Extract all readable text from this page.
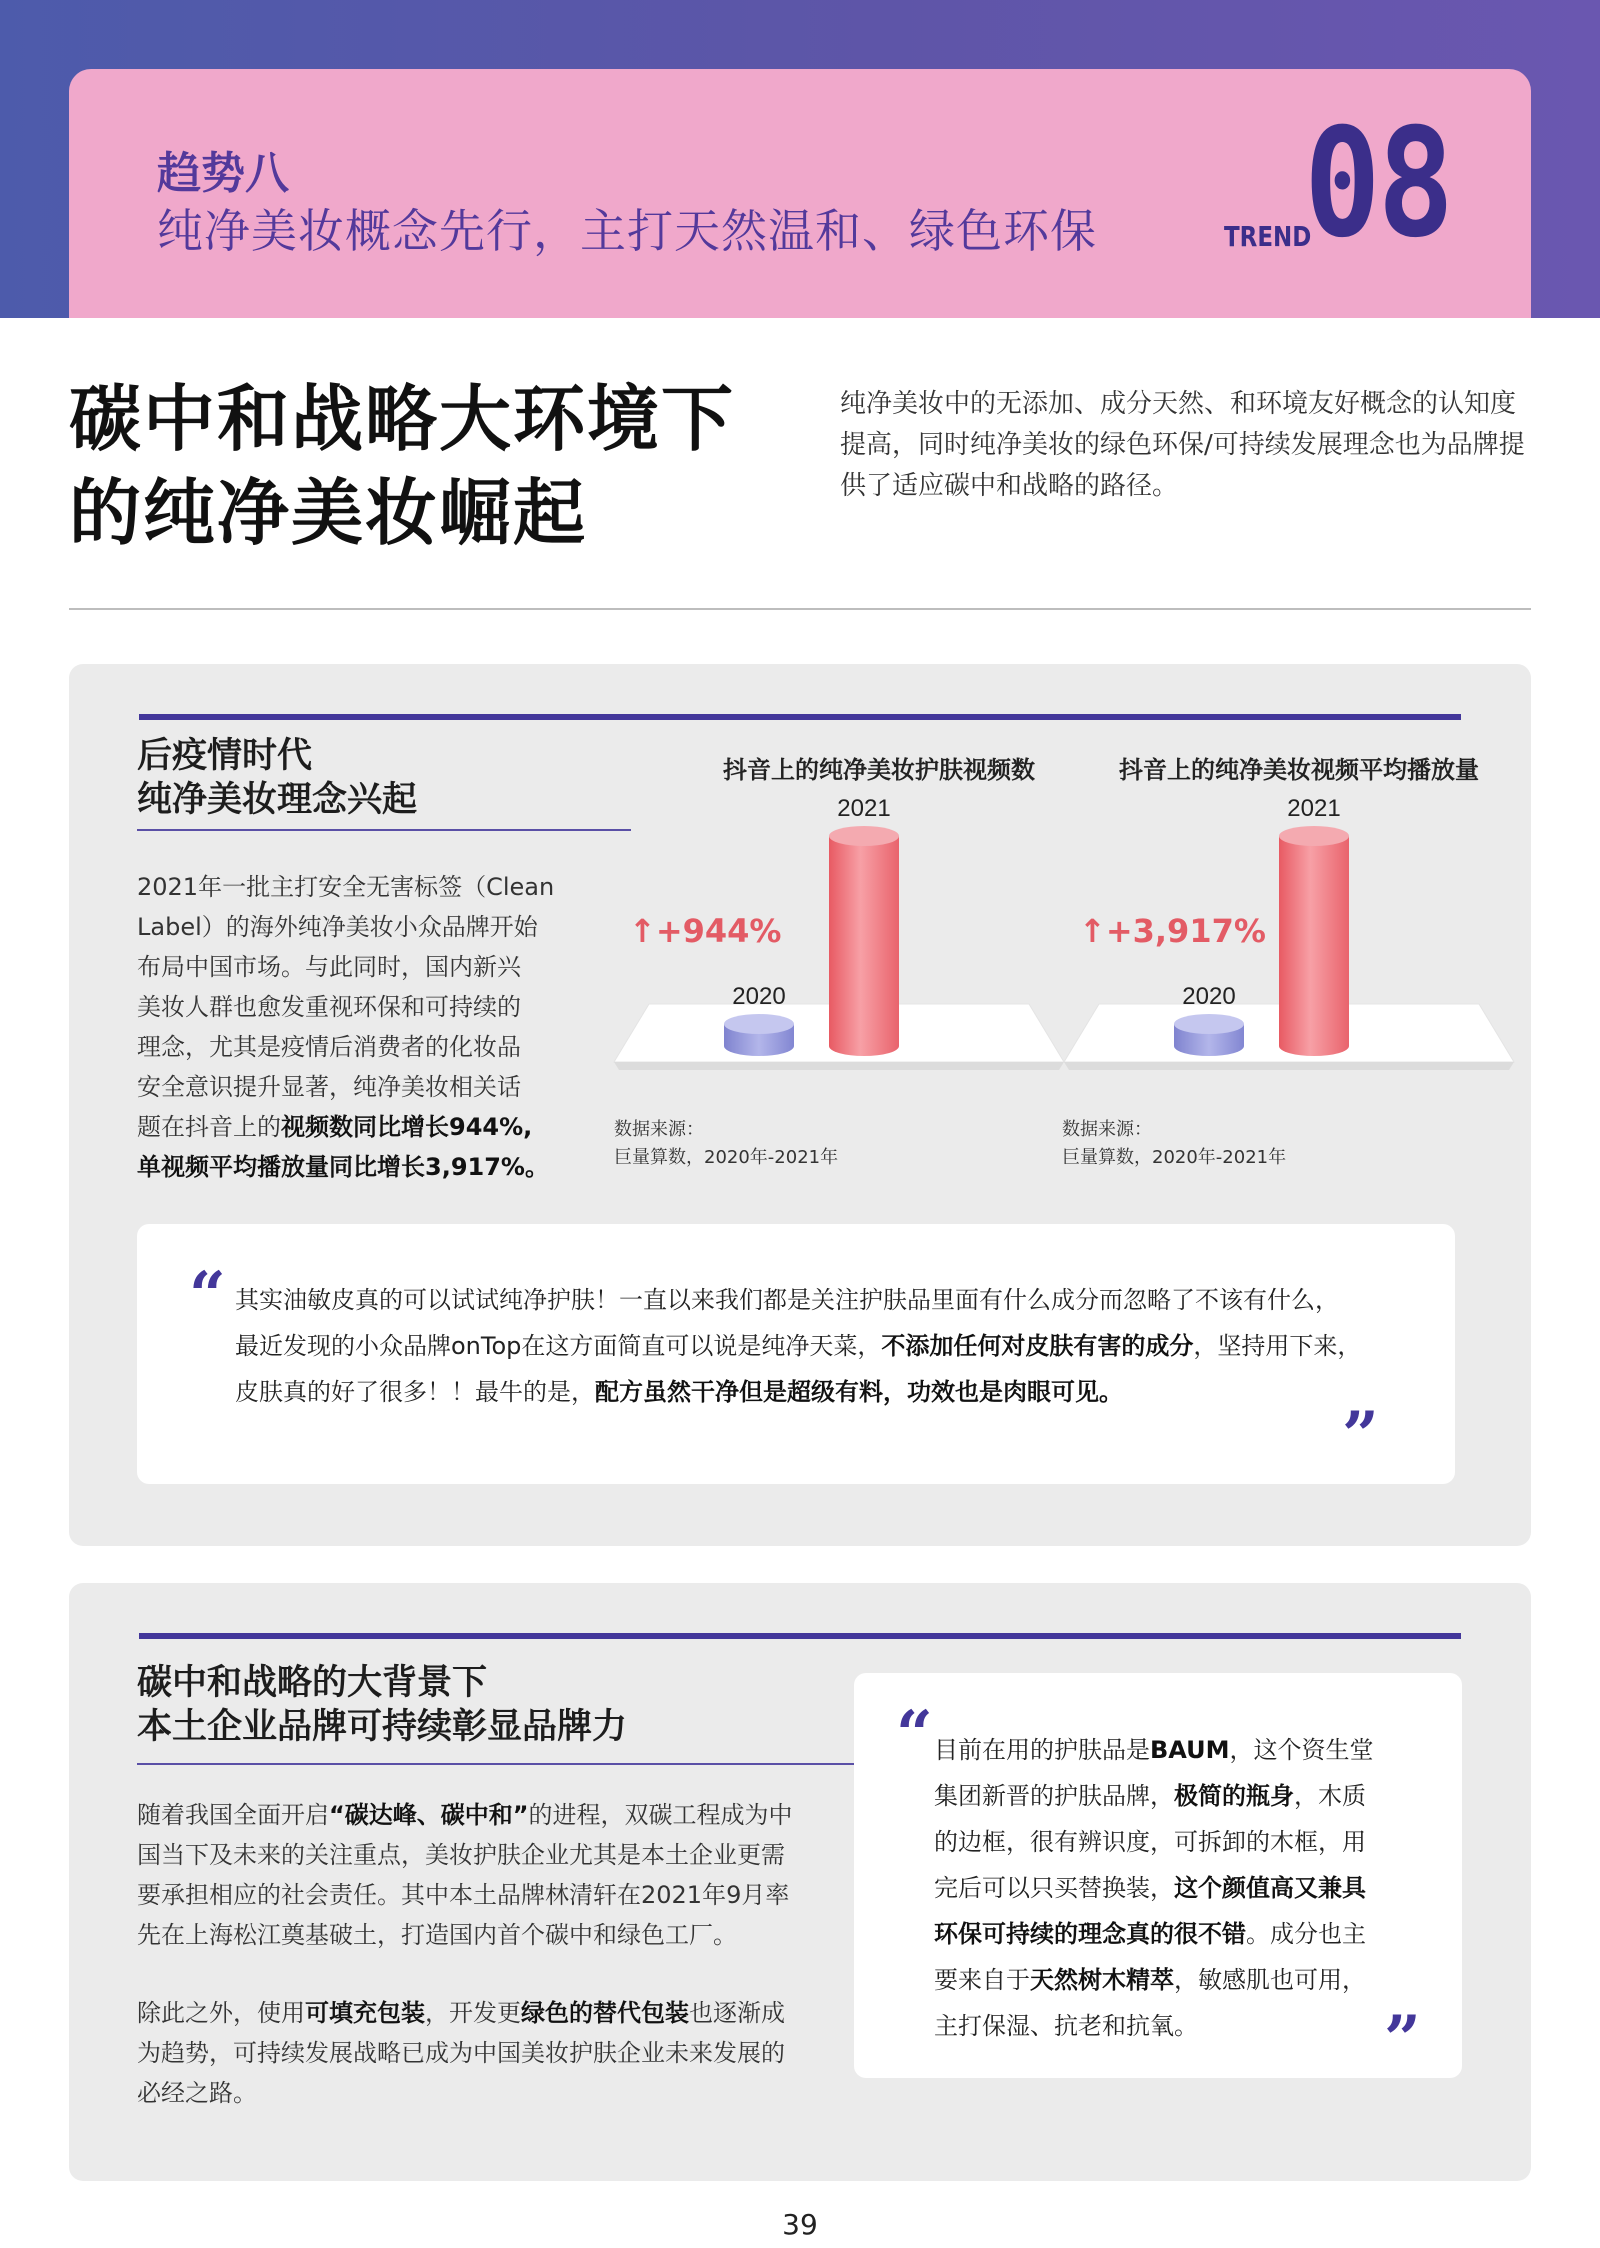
趋势八
纯净美妆概念先行，主打天然温和、绿色环保	TREND
08
碳中和战略大环境下
的纯净美妆崛起
纯净美妆中的无添加、成分天然、和环境友好概念的认知度提高，同时纯净美妆的绿色环保/可持续发展理念也为品牌提供了适应碳中和战略的路径。
后疫情时代
纯净美妆理念兴起
2021年一批主打安全无害标签（Clean
Label）的海外纯净美妆小众品牌开始
布局中国市场。与此同时，国内新兴
美妆人群也愈发重视环保和可持续的
理念，尤其是疫情后消费者的化妆品
安全意识提升显著，纯净美妆相关话
题在抖音上的视频数同比增长944%,
单视频平均播放量同比增长3,917%。
抖音上的纯净美妆护肤视频数
2020
2021
↑+944%
数据来源：
巨量算数，2020年-2021年
抖音上的纯净美妆视频平均播放量
2020
2021
↑+3,917%
数据来源：
巨量算数，2020年-2021年
“ 其实油敏皮真的可以试试纯净护肤！一直以来我们都是关注护肤品里面有什么成分而忽略了不该有什么，
最近发现的小众品牌onTop在这方面简直可以说是纯净天菜，不添加任何对皮肤有害的成分，坚持用下来，
皮肤真的好了很多！！最牛的是，配方虽然干净但是超级有料，功效也是肉眼可见。
”
碳中和战略的大背景下
本土企业品牌可持续彰显品牌力
随着我国全面开启“碳达峰、碳中和”的进程，双碳工程成为中
国当下及未来的关注重点，美妆护肤企业尤其是本土企业更需
要承担相应的社会责任。其中本土品牌林清轩在2021年9月率
先在上海松江奠基破土，打造国内首个碳中和绿色工厂。
除此之外，使用可填充包装，开发更绿色的替代包装也逐渐成
为趋势，可持续发展战略已成为中国美妆护肤企业未来发展的
必经之路。
“ 目前在用的护肤品是BAUM，这个资生堂
集团新晋的护肤品牌，极简的瓶身，木质
的边框，很有辨识度，可拆卸的木框，用
完后可以只买替换装，这个颜值高又兼具
环保可持续的理念真的很不错。成分也主
要来自于天然树木精萃，敏感肌也可用，
主打保湿、抗老和抗氧。	”
39
